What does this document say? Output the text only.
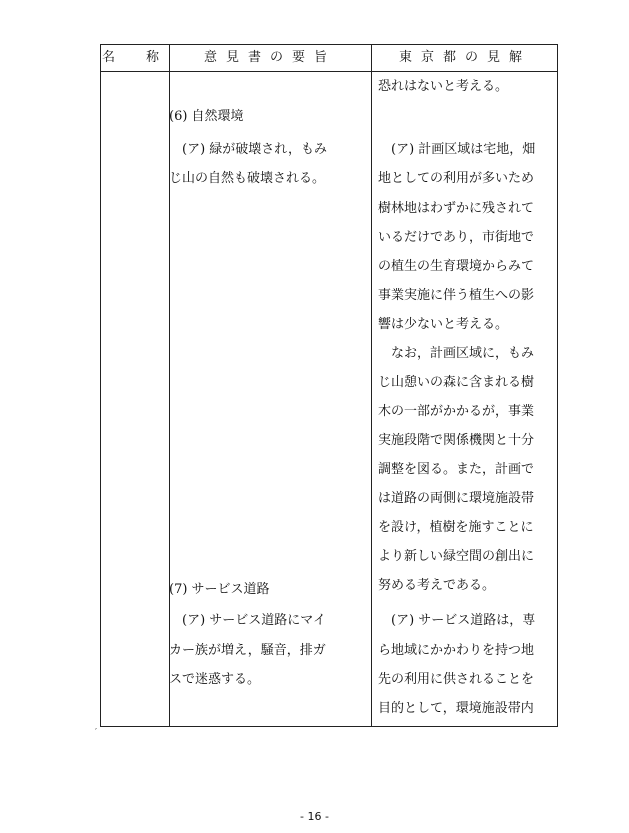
名　称	意見書の要旨	東京都の見解
(6) 自然環境
　(ア) 緑が破壊され，もみ
じ山の自然も破壊される。
(7) サービス道路
　(ア) サービス道路にマイ
カー族が増え，騒音，排ガ
スで迷惑する。
恐れはないと考える。
　(ア) 計画区域は宅地，畑
地としての利用が多いため
樹林地はわずかに残されて
いるだけであり，市街地で
の植生の生育環境からみて
事業実施に伴う植生への影
響は少ないと考える。
　なお，計画区域に，もみ
じ山憩いの森に含まれる樹
木の一部がかかるが，事業
実施段階で関係機関と十分
調整を図る。また，計画で
は道路の両側に環境施設帯
を設け，植樹を施すことに
より新しい緑空間の創出に
努める考えである。
　(ア) サービス道路は，専
ら地域にかかわりを持つ地
先の利用に供されることを
目的として，環境施設帯内
′
- 16 -
